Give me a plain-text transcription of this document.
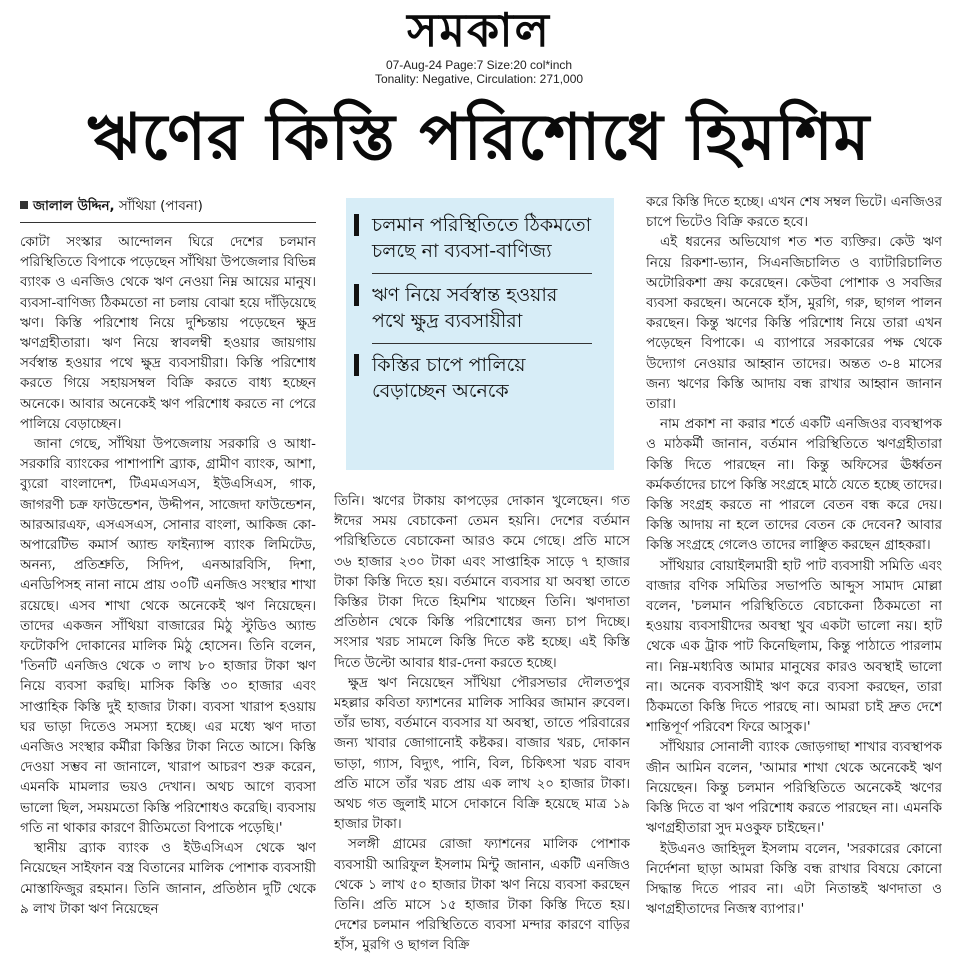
সমকাল
07-Aug-24 Page:7 Size:20 col*inch
Tonality: Negative, Circulation: 271,000
ঋণের কিস্তি পরিশোধে হিমশিম
জালাল উদ্দিন, সাঁথিয়া (পাবনা)

কোটা সংস্কার আন্দোলন ঘিরে দেশের চলমান পরিস্থিতিতে বিপাকে পড়েছেন সাঁথিয়া উপজেলার বিভিন্ন ব্যাংক ও এনজিও থেকে ঋণ নেওয়া নিম্ন আয়ের মানুষ। ব্যবসা-বাণিজ্য ঠিকমতো না চলায় বোঝা হয়ে দাঁড়িয়েছে ঋণ। কিস্তি পরিশোধ নিয়ে দুশ্চিন্তায় পড়েছেন ক্ষুদ্র ঋণগ্রহীতারা। ঋণ নিয়ে স্বাবলম্বী হওয়ার জায়গায় সর্বস্বান্ত হওয়ার পথে ক্ষুদ্র ব্যবসায়ীরা। কিস্তি পরিশোধ করতে গিয়ে সহায়সম্বল বিক্রি করতে বাধ্য হচ্ছেন অনেকে। আবার অনেকেই ঋণ পরিশোধ করতে না পেরে পালিয়ে বেড়াচ্ছেন।

জানা গেছে, সাঁথিয়া উপজেলায় সরকারি ও আধা-সরকারি ব্যাংকের পাশাপাশি ব্র্যাক, গ্রামীণ ব্যাংক, আশা, ব্যুরো বাংলাদেশ, টিএমএসএস, ইউএসিএস, গাক, জাগরণী চক্র ফাউন্ডেশন, উদ্দীপন, সাজেদা ফাউন্ডেশন, আরআরএফ, এসএসএস, সোনার বাংলা, আকিজ কো-অপারেটিভ কমার্স অ্যান্ড ফাইন্যান্স ব্যাংক লিমিটেড, অনন্য, প্রতিশ্রুতি, সিদিপ, এনআরবিসি, দিশা, এনডিপিসহ নানা নামে প্রায় ৩০টি এনজিও সংস্থার শাখা রয়েছে। এসব শাখা থেকে অনেকেই ঋণ নিয়েছেন। তাদের একজন সাঁথিয়া বাজারের মিঠু স্টুডিও অ্যান্ড ফটোকপি দোকানের মালিক মিঠু হোসেন। তিনি বলেন, 'তিনটি এনজিও থেকে ৩ লাখ ৮০ হাজার টাকা ঋণ নিয়ে ব্যবসা করছি। মাসিক কিস্তি ৩০ হাজার এবং সাপ্তাহিক কিস্তি দুই হাজার টাকা। ব্যবসা খারাপ হওয়ায় ঘর ভাড়া দিতেও সমস্যা হচ্ছে। এর মধ্যে ঋণ দাতা এনজিও সংস্থার কর্মীরা কিস্তির টাকা নিতে আসে। কিস্তি দেওয়া সম্ভব না জানালে, খারাপ আচরণ শুরু করেন, এমনকি মামলার ভয়ও দেখান। অথচ আগে ব্যবসা ভালো ছিল, সময়মতো কিস্তি পরিশোধও করেছি। ব্যবসায় গতি না থাকার কারণে রীতিমতো বিপাকে পড়েছি।'

স্থানীয় ব্র্যাক ব্যাংক ও ইউএসিএস থেকে ঋণ নিয়েছেন সাইফান বস্ত্র বিতানের মালিক পোশাক ব্যবসায়ী মোস্তাফিজুর রহমান। তিনি জানান, প্রতিষ্ঠান দুটি থেকে ৯ লাখ টাকা ঋণ নিয়েছেন

চলমান পরিস্থিতিতে ঠিকমতো চলছে না ব্যবসা-বাণিজ্য
ঋণ নিয়ে সর্বস্বান্ত হওয়ার পথে ক্ষুদ্র ব্যবসায়ীরা
কিস্তির চাপে পালিয়ে বেড়াচ্ছেন অনেকে

তিনি। ঋণের টাকায় কাপড়ের দোকান খুলেছেন। গত ঈদের সময় বেচাকেনা তেমন হয়নি। দেশের বর্তমান পরিস্থিতিতে বেচাকেনা আরও কমে গেছে। প্রতি মাসে ৩৬ হাজার ২৩০ টাকা এবং সাপ্তাহিক সাড়ে ৭ হাজার টাকা কিস্তি দিতে হয়। বর্তমানে ব্যবসার যা অবস্থা তাতে কিস্তির টাকা দিতে হিমশিম খাচ্ছেন তিনি। ঋণদাতা প্রতিষ্ঠান থেকে কিস্তি পরিশোধের জন্য চাপ দিচ্ছে। সংসার খরচ সামলে কিস্তি দিতে কষ্ট হচ্ছে। এই কিস্তি দিতে উল্টো আবার ধার-দেনা করতে হচ্ছে।

ক্ষুদ্র ঋণ নিয়েছেন সাঁথিয়া পৌরসভার দৌলতপুর মহল্লার কবিতা ফ্যাশনের মালিক সাব্বির জামান রুবেল। তাঁর ভাষ্য, বর্তমানে ব্যবসার যা অবস্থা, তাতে পরিবারের জন্য খাবার জোগানোই কষ্টকর। বাজার খরচ, দোকান ভাড়া, গ্যাস, বিদ্যুৎ, পানি, বিল, চিকিৎসা খরচ বাবদ প্রতি মাসে তাঁর খরচ প্রায় এক লাখ ২০ হাজার টাকা। অথচ গত জুলাই মাসে দোকানে বিক্রি হয়েছে মাত্র ১৯ হাজার টাকা।

সলঙ্গী গ্রামের রোজা ফ্যাশনের মালিক পোশাক ব্যবসায়ী আরিফুল ইসলাম মিন্টু জানান, একটি এনজিও থেকে ১ লাখ ৫০ হাজার টাকা ঋণ নিয়ে ব্যবসা করছেন তিনি। প্রতি মাসে ১৫ হাজার টাকা কিস্তি দিতে হয়। দেশের চলমান পরিস্থিতিতে ব্যবসা মন্দার কারণে বাড়ির হাঁস, মুরগি ও ছাগল বিক্রি

করে কিস্তি দিতে হচ্ছে। এখন শেষ সম্বল ভিটে। এনজিওর চাপে ভিটেও বিক্রি করতে হবে।

এই ধরনের অভিযোগ শত শত ব্যক্তির। কেউ ঋণ নিয়ে রিকশা-ভ্যান, সিএনজিচালিত ও ব্যাটারিচালিত অটোরিকশা ক্রয় করেছেন। কেউবা পোশাক ও সবজির ব্যবসা করছেন। অনেকে হাঁস, মুরগি, গরু, ছাগল পালন করছেন। কিন্তু ঋণের কিস্তি পরিশোধ নিয়ে তারা এখন পড়েছেন বিপাকে। এ ব্যাপারে সরকারের পক্ষ থেকে উদ্যোগ নেওয়ার আহ্বান তাদের। অন্তত ৩-৪ মাসের জন্য ঋণের কিস্তি আদায় বন্ধ রাখার আহ্বান জানান তারা।

নাম প্রকাশ না করার শর্তে একটি এনজিওর ব্যবস্থাপক ও মাঠকর্মী জানান, বর্তমান পরিস্থিতিতে ঋণগ্রহীতারা কিস্তি দিতে পারছেন না। কিন্তু অফিসের ঊর্ধ্বতন কর্মকর্তাদের চাপে কিস্তি সংগ্রহে মাঠে যেতে হচ্ছে তাদের। কিস্তি সংগ্রহ করতে না পারলে বেতন বন্ধ করে দেয়। কিস্তি আদায় না হলে তাদের বেতন কে দেবেন? আবার কিস্তি সংগ্রহে গেলেও তাদের লাঞ্ছিত করছেন গ্রাহকরা।

সাঁথিয়ার বোয়াইলমারী হাট পাট ব্যবসায়ী সমিতি এবং বাজার বণিক সমিতির সভাপতি আব্দুস সামাদ মোল্লা বলেন, 'চলমান পরিস্থিতিতে বেচাকেনা ঠিকমতো না হওয়ায় ব্যবসায়ীদের অবস্থা খুব একটা ভালো নয়। হাট থেকে এক ট্রাক পাট কিনেছিলাম, কিন্তু পাঠাতে পারলাম না। নিম্ন-মধ্যবিত্ত আমার মানুষের কারও অবস্থাই ভালো না। অনেক ব্যবসায়ীই ঋণ করে ব্যবসা করছেন, তারা ঠিকমতো কিস্তি দিতে পারছে না। আমরা চাই দ্রুত দেশে শান্তিপূর্ণ পরিবেশ ফিরে আসুক।'

সাঁথিয়ার সোনালী ব্যাংক জোড়গাছা শাখার ব্যবস্থাপক জীন আমিন বলেন, 'আমার শাখা থেকে অনেকেই ঋণ নিয়েছেন। কিন্তু চলমান পরিস্থিতিতে অনেকেই ঋণের কিস্তি দিতে বা ঋণ পরিশোধ করতে পারছেন না। এমনকি ঋণগ্রহীতারা সুদ মওকুফ চাইছেন।'

ইউএনও জাহিদুল ইসলাম বলেন, 'সরকারের কোনো নির্দেশনা ছাড়া আমরা কিস্তি বন্ধ রাখার বিষয়ে কোনো সিদ্ধান্ত দিতে পারব না। এটা নিতান্তই ঋণদাতা ও ঋণগ্রহীতাদের নিজস্ব ব্যাপার।'
